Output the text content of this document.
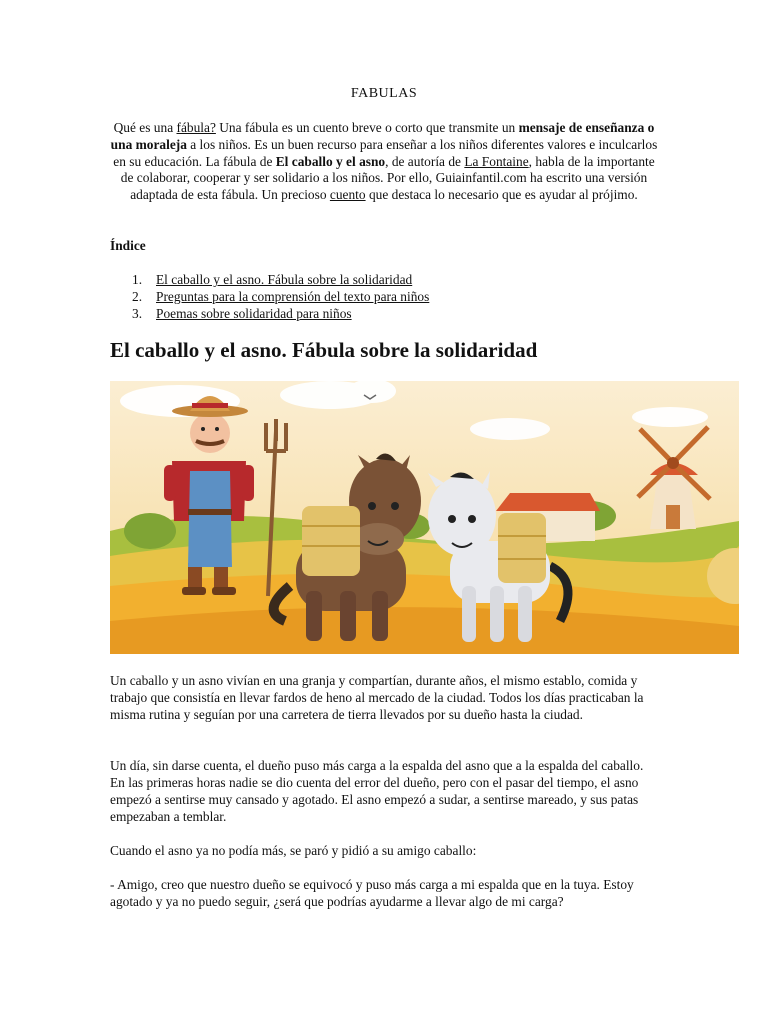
FABULAS
Qué es una fábula? Una fábula es un cuento breve o corto que transmite un mensaje de enseñanza o una moraleja a los niños. Es un buen recurso para enseñar a los niños diferentes valores e inculcarlos en su educación. La fábula de El caballo y el asno, de autoría de La Fontaine, habla de la importante de colaborar, cooperar y ser solidario a los niños. Por ello, Guiainfantil.com ha escrito una versión adaptada de esta fábula. Un precioso cuento que destaca lo necesario que es ayudar al prójimo.
Índice
1.	El caballo y el asno. Fábula sobre la solidaridad
2.	Preguntas para la comprensión del texto para niños
3.	Poemas sobre solidaridad para niños
El caballo y el asno. Fábula sobre la solidaridad

Un caballo y un asno vivían en una granja y compartían, durante años, el mismo establo, comida y trabajo que consistía en llevar fardos de heno al mercado de la ciudad. Todos los días practicaban la misma rutina y seguían por una carretera de tierra llevados por su dueño hasta la ciudad.

Un día, sin darse cuenta, el dueño puso más carga a la espalda del asno que a la espalda del caballo. En las primeras horas nadie se dio cuenta del error del dueño, pero con el pasar del tiempo, el asno empezó a sentirse muy cansado y agotado. El asno empezó a sudar, a sentirse mareado, y sus patas empezaban a temblar.

Cuando el asno ya no podía más, se paró y pidió a su amigo caballo:

- Amigo, creo que nuestro dueño se equivocó y puso más carga a mi espalda que en la tuya. Estoy agotado y ya no puedo seguir, ¿será que podrías ayudarme a llevar algo de mi carga?
